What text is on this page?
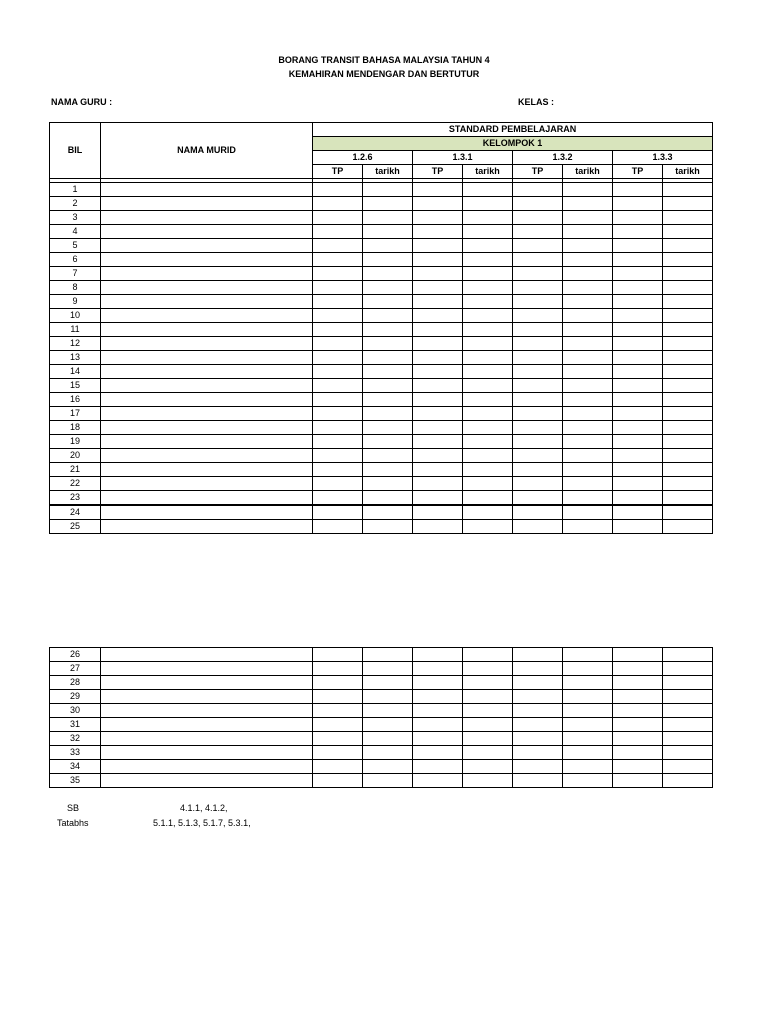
BORANG TRANSIT BAHASA MALAYSIA TAHUN 4
KEMAHIRAN MENDENGAR DAN BERTUTUR
NAMA GURU :	KELAS :
BIL	NAMA MURID	STANDARD PEMBELAJARAN							
		KELOMPOK 1							
		1.2.6		1.3.1		1.3.2		1.3.3	
		TP	tarikh	TP	tarikh	TP	tarikh	TP	tarikh

1									
2									
3									
4									
5									
6									
7									
8									
9									
10									
11									
12									
13									
14									
15									
16									
17									
18									
19									
20									
21									
22									
23									
24									
25									
26									
27									
28									
29									
30									
31									
32									
33									
34									
35									
SB	4.1.1, 4.1.2,
Tatabhs	5.1.1, 5.1.3, 5.1.7, 5.3.1,
